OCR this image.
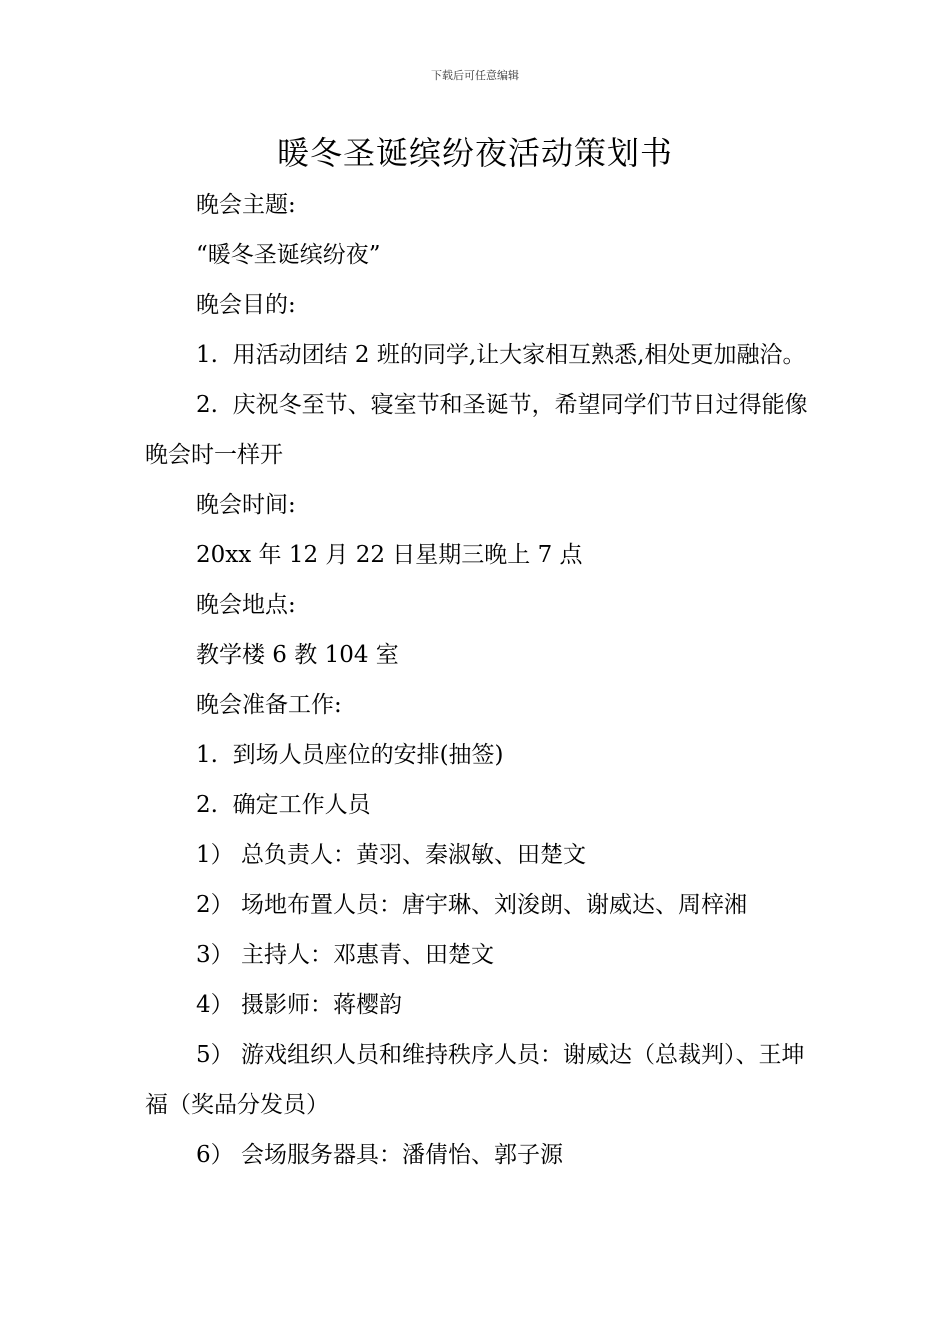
下载后可任意编辑
暖冬圣诞缤纷夜活动策划书

晚会主题:

“暖冬圣诞缤纷夜”

晚会目的:

1.  用活动团结 2 班的同学,让大家相互熟悉,相处更加融洽。

2.  庆祝冬至节、寝室节和圣诞节，希望同学们节日过得能像晚会时一样开

晚会时间:

20xx 年 12 月 22 日星期三晚上 7 点

晚会地点:

教学楼 6 教 104 室

晚会准备工作:

1.  到场人员座位的安排(抽签)

2.  确定工作人员

1） 总负责人：黄羽、秦淑敏、田楚文

2） 场地布置人员：唐宇琳、刘浚朗、谢威达、周梓湘

3） 主持人：邓惠青、田楚文

4） 摄影师：蒋樱韵

5） 游戏组织人员和维持秩序人员：谢威达（总裁判）、王坤福（奖品分发员）

6） 会场服务器具：潘倩怡、郭子源
